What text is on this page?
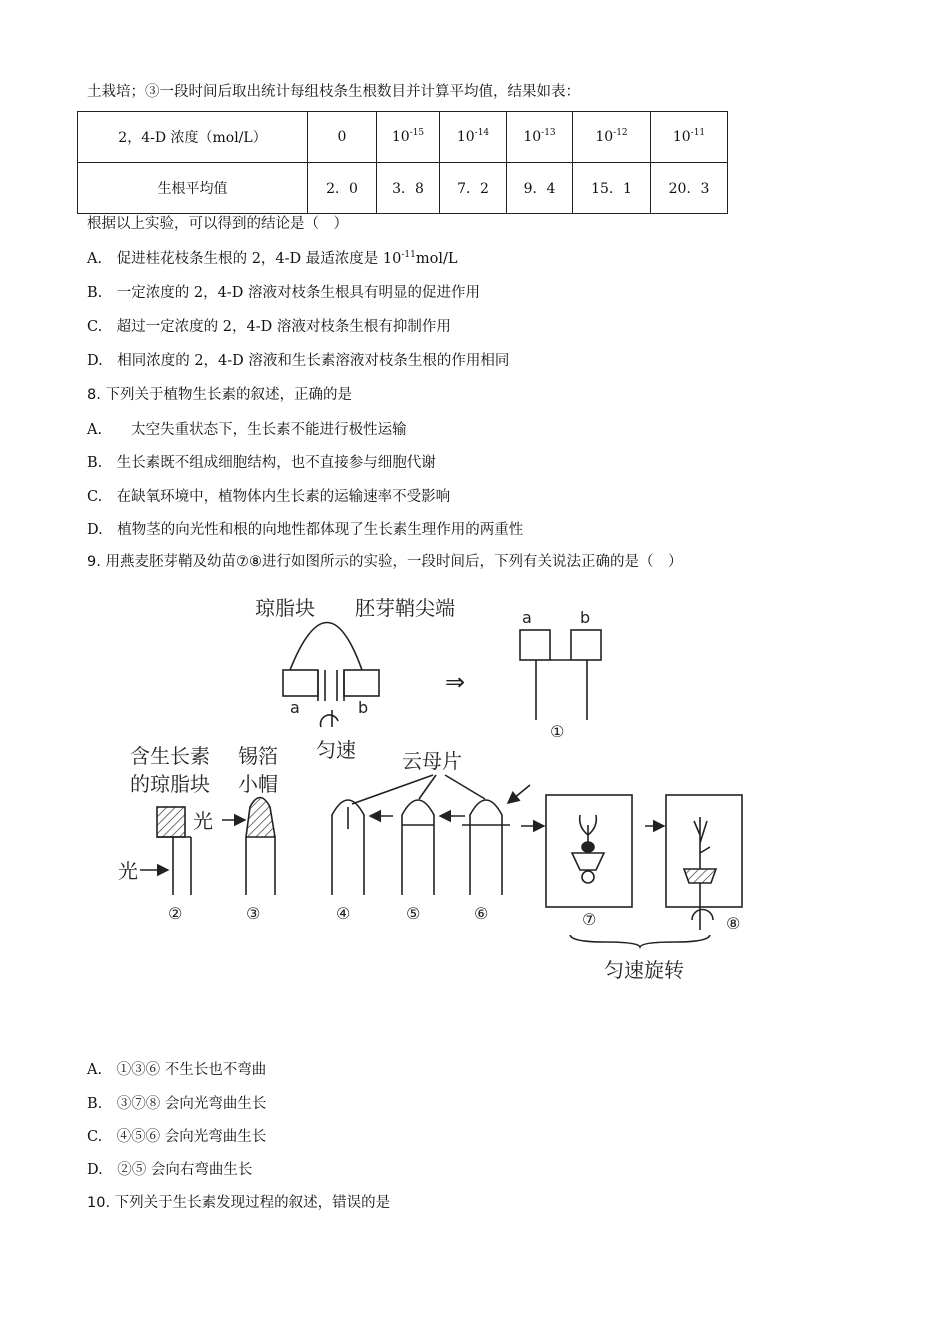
土栽培；③一段时间后取出统计每组枝条生根数目并计算平均值，结果如表：
2，4-D 浓度（mol/L）	0	$10^{-15}$	$10^{-14}$	$10^{-13}$	$10^{-12}$	$10^{-11}$
生根平均值	2．0	3．8	7．2	9．4	15．1	20．3
根据以上实验，可以得到的结论是（　）
A.　促进桂花枝条生根的 2，4-D 最适浓度是 $10^{-11}mol/L$
B.　一定浓度的 2，4-D 溶液对枝条生根具有明显的促进作用
C.　超过一定浓度的 2，4-D 溶液对枝条生根有抑制作用
D.　相同浓度的 2，4-D 溶液和生长素溶液对枝条生根的作用相同
8. 下列关于植物生长素的叙述，正确的是
A.　　太空失重状态下，生长素不能进行极性运输
B.　生长素既不组成细胞结构，也不直接参与细胞代谢
C.　在缺氧环境中，植物体内生长素的运输速率不受影响
D.　植物茎的向光性和根的向地性都体现了生长素生理作用的两重性
9. 用燕麦胚芽鞘及幼苗⑦⑧进行如图所示的实验，一段时间后，下列有关说法正确的是（　）
琼脂块 胚芽鞘尖端
a	b
匀速
⇒
a	b
①
含生长素
的琼脂块
锡箔
小帽
光
光
云母片
②	③	④	⑤	⑥	⑦	⑧
匀速旋转
A.　①③⑥ 不生长也不弯曲
B.　③⑦⑧ 会向光弯曲生长
C.　④⑤⑥ 会向光弯曲生长
D.　②⑤ 会向右弯曲生长
10. 下列关于生长素发现过程的叙述，错误的是
